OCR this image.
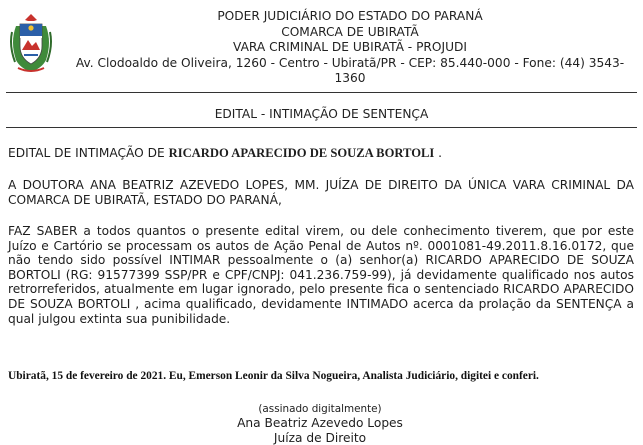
PODER JUDICIÁRIO DO ESTADO DO PARANÁ
COMARCA DE UBIRATÃ
VARA CRIMINAL DE UBIRATÃ - PROJUDI
Av. Clodoaldo de Oliveira, 1260 - Centro - Ubiratã/PR - CEP: 85.440-000 - Fone: (44) 3543-1360
EDITAL - INTIMAÇÃO DE SENTENÇA
EDITAL DE INTIMAÇÃO DE RICARDO APARECIDO DE SOUZA BORTOLI .
A DOUTORA ANA BEATRIZ AZEVEDO LOPES, MM. JUÍZA DE DIREITO DA ÚNICA VARA CRIMINAL DA COMARCA DE UBIRATÃ, ESTADO DO PARANÁ,
FAZ SABER a todos quantos o presente edital virem, ou dele conhecimento tiverem, que por este Juízo e Cartório se processam os autos de Ação Penal de Autos nº. 0001081-49.2011.8.16.0172, que não tendo sido possível INTIMAR pessoalmente o (a) senhor(a) RICARDO APARECIDO DE SOUZA BORTOLI (RG: 91577399 SSP/PR e CPF/CNPJ: 041.236.759-99), já devidamente qualificado nos autos retrorreferidos, atualmente em lugar ignorado, pelo presente fica o sentenciado RICARDO APARECIDO DE SOUZA BORTOLI , acima qualificado, devidamente INTIMADO acerca da prolação da SENTENÇA a qual julgou extinta sua punibilidade.
Ubiratã, 15 de fevereiro de 2021. Eu, Emerson Leonir da Silva Nogueira, Analista Judiciário, digitei e conferi.
(assinado digitalmente)
Ana Beatriz Azevedo Lopes
Juíza de Direito
